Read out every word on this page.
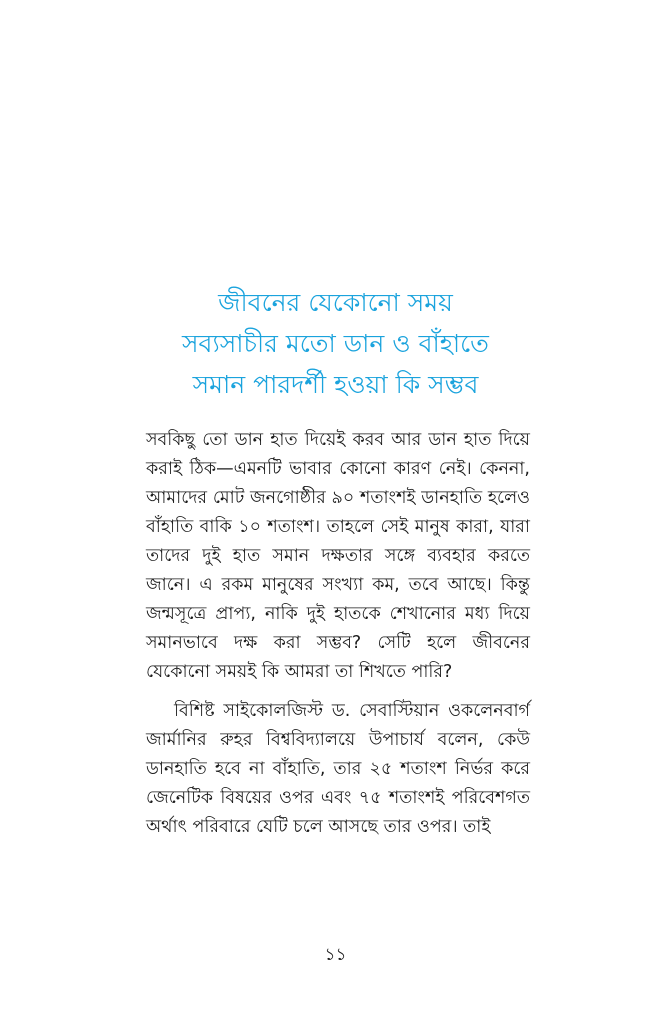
জীবনের যেকোনো সময়
সব্যসাচীর মতো ডান ও বাঁহাতে
সমান পারদর্শী হওয়া কি সম্ভব

সবকিছু তো ডান হাত দিয়েই করব আর ডান হাত দিয়ে করাই ঠিক—এমনটি ভাবার কোনো কারণ নেই। কেননা, আমাদের মোট জনগোষ্ঠীর ৯০ শতাংশই ডানহাতি হলেও বাঁহাতি বাকি ১০ শতাংশ। তাহলে সেই মানুষ কারা, যারা তাদের দুই হাত সমান দক্ষতার সঙ্গে ব্যবহার করতে জানে। এ রকম মানুষের সংখ্যা কম, তবে আছে। কিন্তু জন্মসূত্রে প্রাপ্য, নাকি দুই হাতকে শেখানোর মধ্য দিয়ে সমানভাবে দক্ষ করা সম্ভব? সেটি হলে জীবনের যেকোনো সময়ই কি আমরা তা শিখতে পারি?

বিশিষ্ট সাইকোলজিস্ট ড. সেবাস্টিয়ান ওকলেনবার্গ জার্মানির রুহর বিশ্ববিদ্যালয়ে উপাচার্য বলেন, কেউ ডানহাতি হবে না বাঁহাতি, তার ২৫ শতাংশ নির্ভর করে জেনেটিক বিষয়ের ওপর এবং ৭৫ শতাংশই পরিবেশগত অর্থাৎ পরিবারে যেটি চলে আসছে তার ওপর। তাই

১১
